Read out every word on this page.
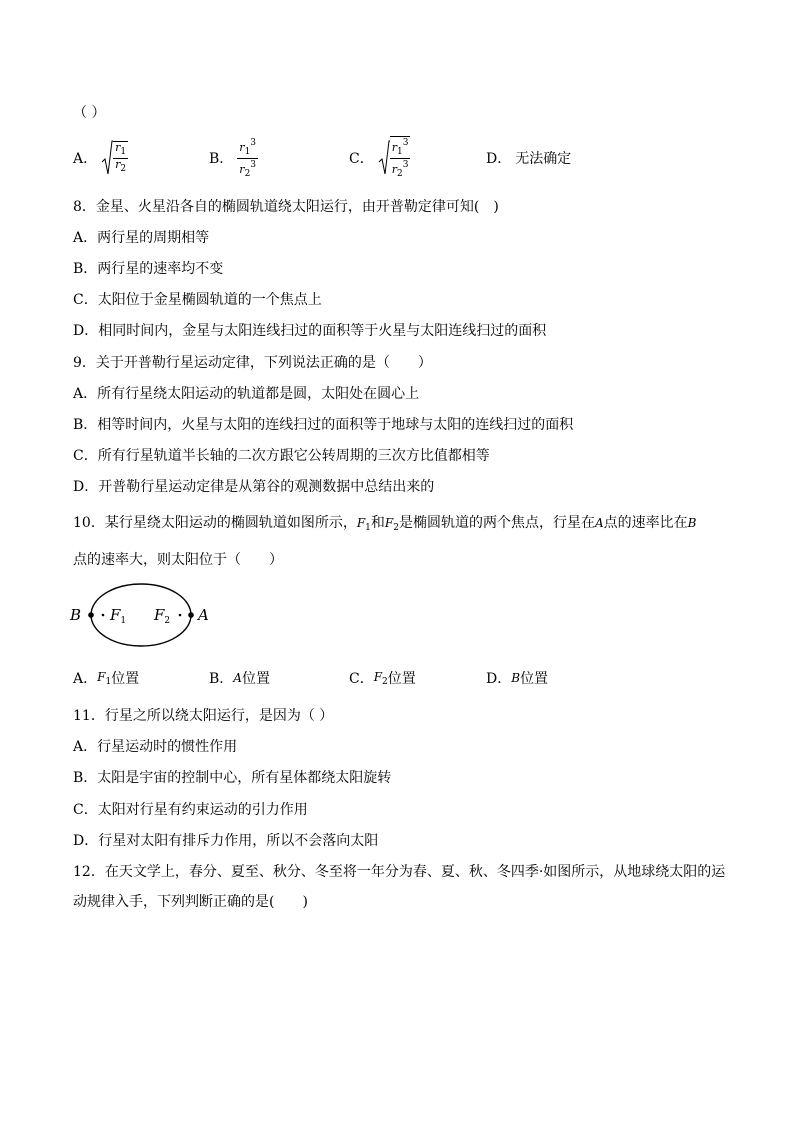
（ ）
A． $\frac{r_1}{r_2}$	B． $\frac{r_1^3}{r_2^3}$	C． $\frac{r_1^3}{r_2^3}$	D． 无法确定
8．金星、火星沿各自的椭圆轨道绕太阳运行，由开普勒定律可知(　)
A．两行星的周期相等
B．两行星的速率均不变
C．太阳位于金星椭圆轨道的一个焦点上
D．相同时间内，金星与太阳连线扫过的面积等于火星与太阳连线扫过的面积
9．关于开普勒行星运动定律，下列说法正确的是（　　）
A．所有行星绕太阳运动的轨道都是圆，太阳处在圆心上
B．相等时间内，火星与太阳的连线扫过的面积等于地球与太阳的连线扫过的面积
C．所有行星轨道半长轴的二次方跟它公转周期的三次方比值都相等
D．开普勒行星运动定律是从第谷的观测数据中总结出来的
10．某行星绕太阳运动的椭圆轨道如图所示，$F_1$和$F_2$是椭圆轨道的两个焦点，行星在A点的速率比在B
点的速率大，则太阳位于（　　）
B	A
$F_1$ $F_2$
A． $F_1$ 位置	B． A 位置	C． $F_2$ 位置	D． B 位置
11．行星之所以绕太阳运行，是因为（ ）
A．行星运动时的惯性作用
B．太阳是宇宙的控制中心，所有星体都绕太阳旋转
C．太阳对行星有约束运动的引力作用
D．行星对太阳有排斥力作用，所以不会落向太阳
12．在天文学上，春分、夏至、秋分、冬至将一年分为春、夏、秋、冬四季·如图所示，从地球绕太阳的运
动规律入手，下列判断正确的是(　　)
